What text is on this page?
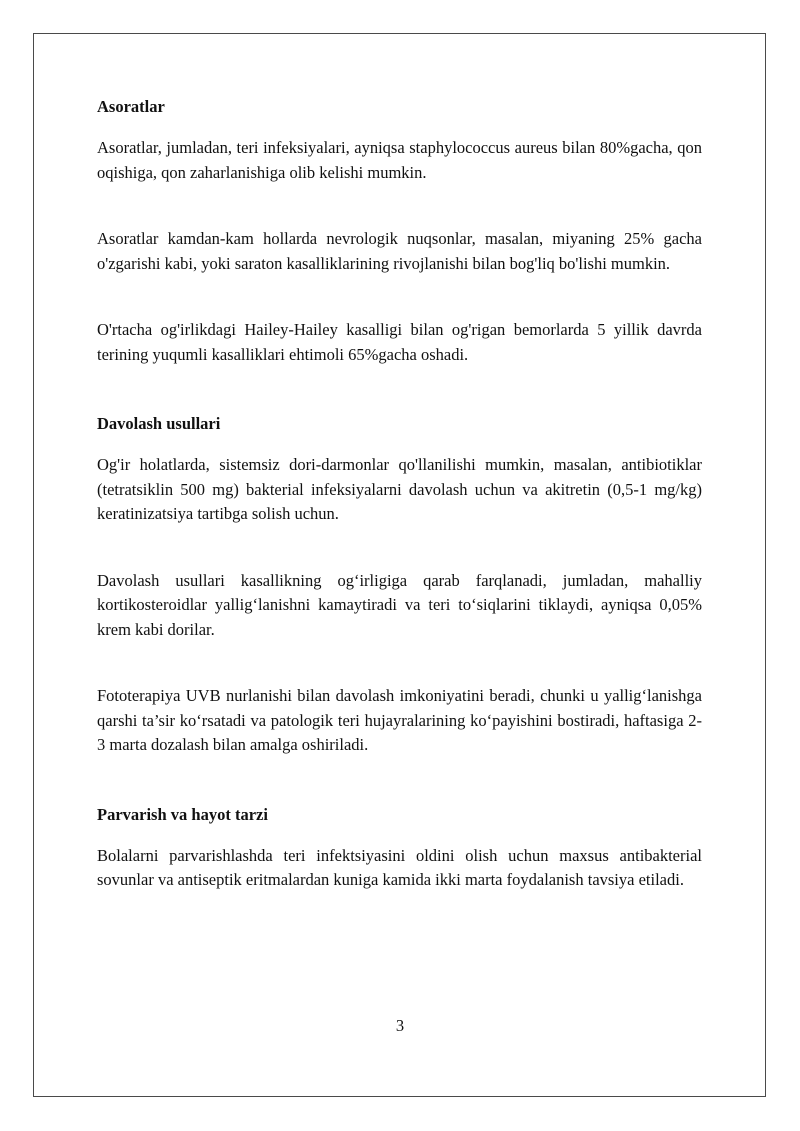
Asoratlar

Asoratlar, jumladan, teri infeksiyalari, ayniqsa staphylococcus aureus bilan 80%gacha, qon oqishiga, qon zaharlanishiga olib kelishi mumkin.

Asoratlar kamdan-kam hollarda nevrologik nuqsonlar, masalan, miyaning 25% gacha o'zgarishi kabi, yoki saraton kasalliklarining rivojlanishi bilan bog'liq bo'lishi mumkin.

O'rtacha og'irlikdagi Hailey-Hailey kasalligi bilan og'rigan bemorlarda 5 yillik davrda terining yuqumli kasalliklari ehtimoli 65%gacha oshadi.

Davolash usullari

Og'ir holatlarda, sistemsiz dori-darmonlar qo'llanilishi mumkin, masalan, antibiotiklar (tetratsiklin 500 mg) bakterial infeksiyalarni davolash uchun va akitretin (0,5-1 mg/kg) keratinizatsiya tartibga solish uchun.

Davolash usullari kasallikning og‘irligiga qarab farqlanadi, jumladan, mahalliy kortikosteroidlar yallig‘lanishni kamaytiradi va teri to‘siqlarini tiklaydi, ayniqsa 0,05% krem kabi dorilar.

Fototerapiya UVB nurlanishi bilan davolash imkoniyatini beradi, chunki u yallig‘lanishga qarshi ta’sir ko‘rsatadi va patologik teri hujayralarining ko‘payishini bostiradi, haftasiga 2-3 marta dozalash bilan amalga oshiriladi.

Parvarish va hayot tarzi

Bolalarni parvarishlashda teri infektsiyasini oldini olish uchun maxsus antibakterial sovunlar va antiseptik eritmalardan kuniga kamida ikki marta foydalanish tavsiya etiladi.

3
